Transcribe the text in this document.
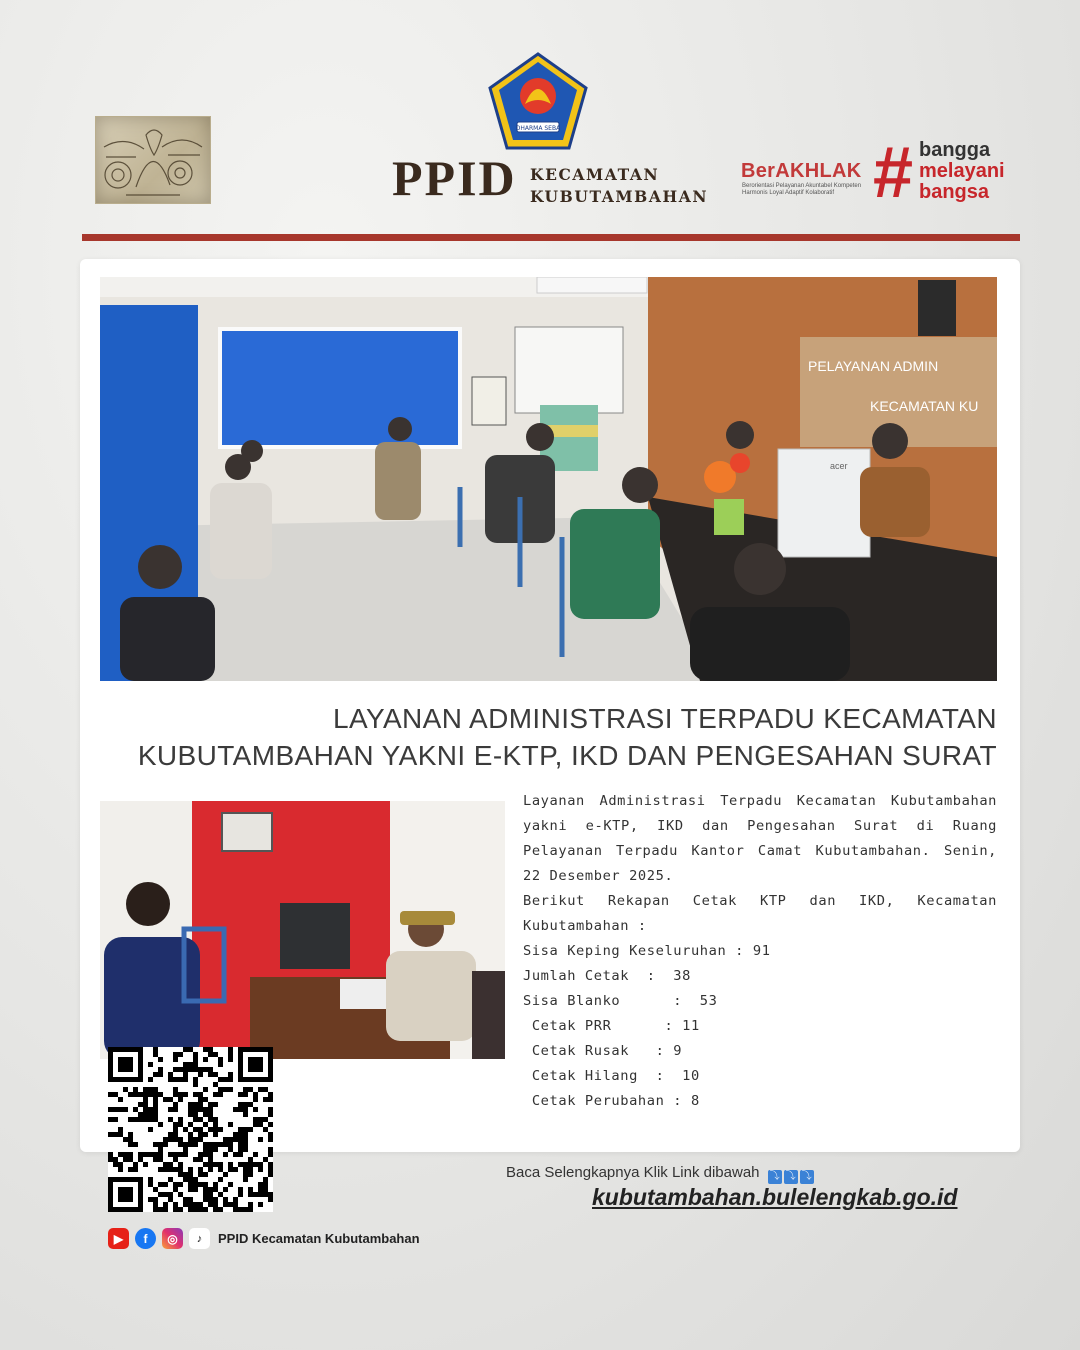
DHARMA SEBA
PPID KECAMATAN
KUBUTAMBAHAN
BerAKHLAK
Berorientasi Pelayanan Akuntabel Kompeten Harmonis Loyal Adaptif Kolaboratif # bangga
melayani
bangsa
PELAYANAN ADMIN
KECAMATAN KU
acer
LAYANAN ADMINISTRASI TERPADU KECAMATAN KUBUTAMBAHAN YAKNI E-KTP, IKD DAN PENGESAHAN SURAT
Layanan Administrasi Terpadu Kecamatan Kubutambahan yakni e-KTP, IKD dan Pengesahan Surat di Ruang Pelayanan Terpadu Kantor Camat Kubutambahan. Senin, 22 Desember 2025.
Berikut Rekapan Cetak KTP dan IKD, Kecamatan Kubutambahan :
Sisa Keping Keseluruhan : 91
Jumlah Cetak  :  38
Sisa Blanko      :  53
Cetak PRR      : 11
Cetak Rusak   : 9
Cetak Hilang  :  10
Cetak Perubahan : 8
Baca Selengkapnya Klik Link dibawah ⤵ ⤵ ⤵
kubutambahan.bulelengkab.go.id
▶	f	◎	♪	PPID Kecamatan Kubutambahan
